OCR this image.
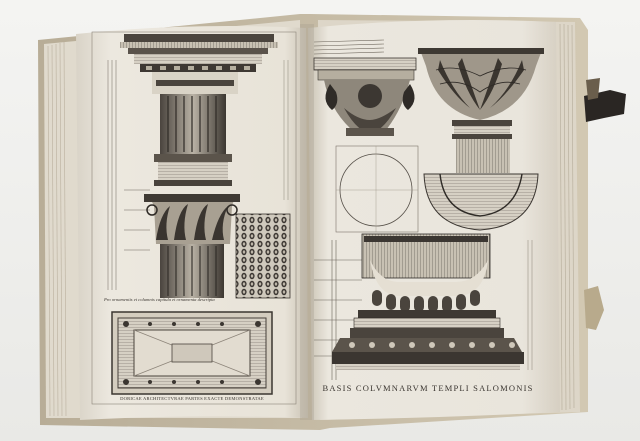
BASIS COLVMNARVM TEMPLI SALOMONIS
DORICAE ARCHITECTVRAE PARTES EXACTE DEMONSTRATAE
Pro ornamentis et columnis capitula et ornamenta descripta
